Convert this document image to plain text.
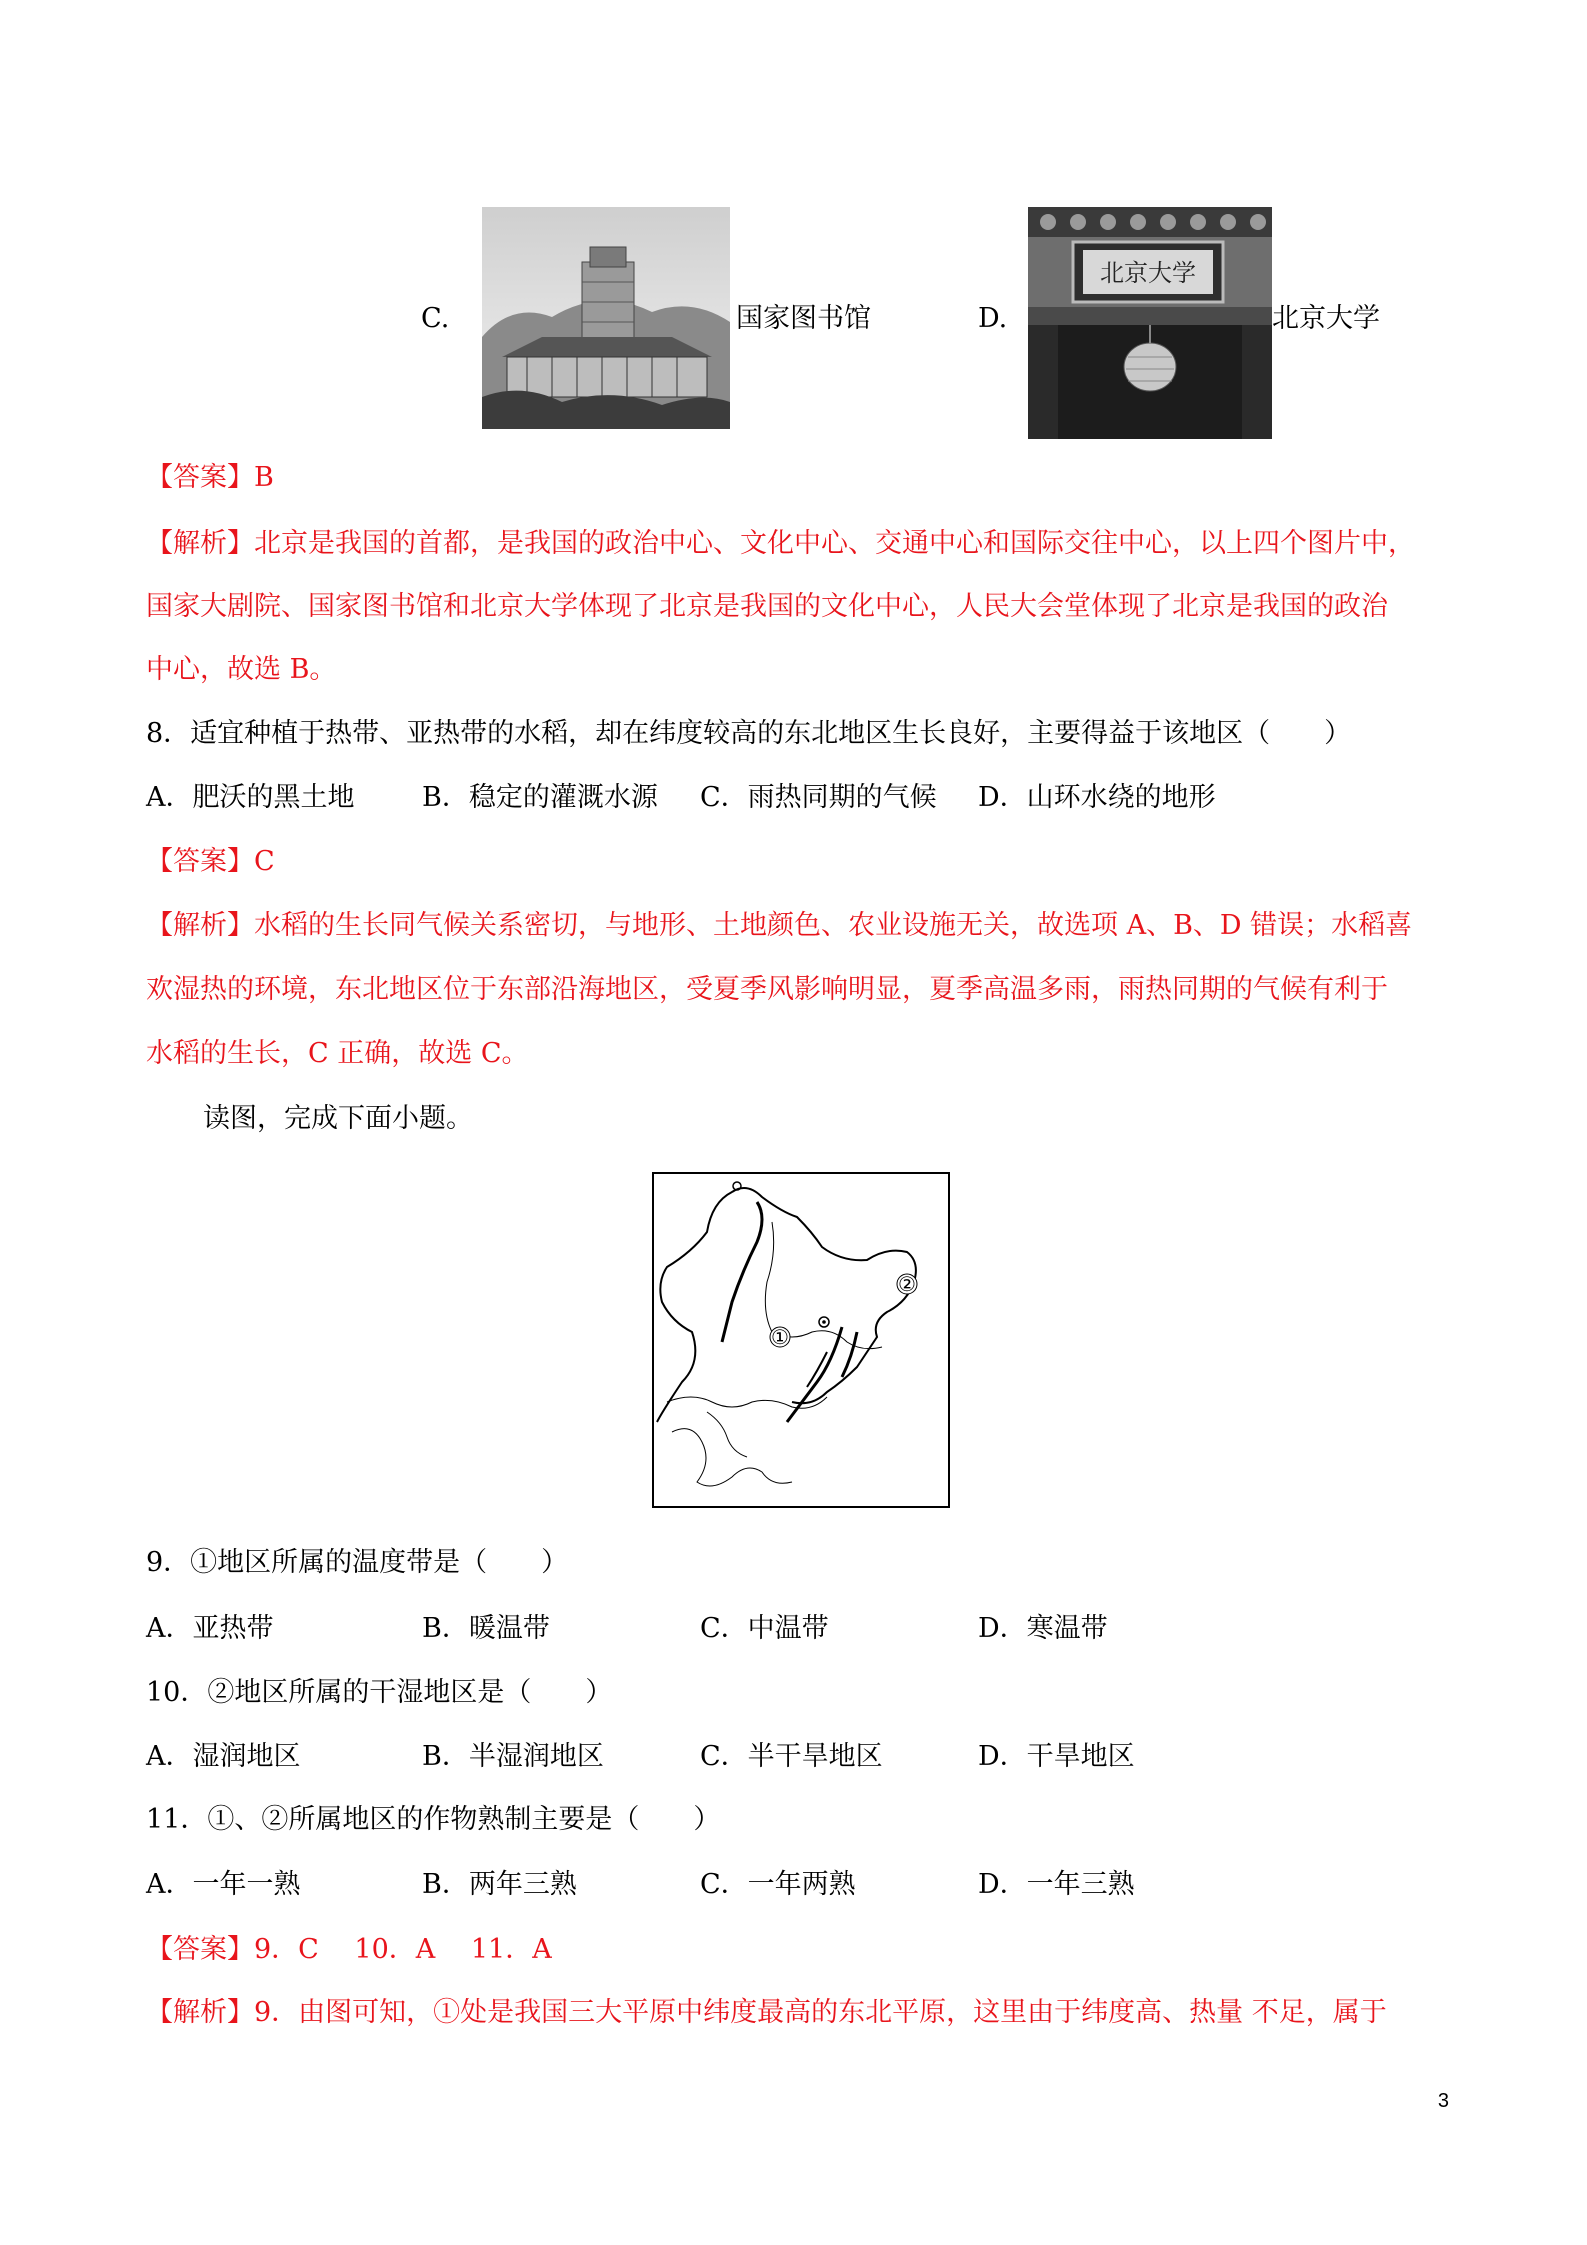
C.	国家图书馆	D.
北京大学
北京大学
【答案】B
【解析】北京是我国的首都，是我国的政治中心、文化中心、交通中心和国际交往中心，以上四个图片中，
国家大剧院、国家图书馆和北京大学体现了北京是我国的文化中心，人民大会堂体现了北京是我国的政治
中心，故选 B。
8．适宜种植于热带、亚热带的水稻，却在纬度较高的东北地区生长良好，主要得益于该地区（　　）
A．肥沃的黑土地	B．稳定的灌溉水源 C．雨热同期的气候 D．山环水绕的地形
【答案】C
【解析】水稻的生长同气候关系密切，与地形、土地颜色、农业设施无关，故选项 A、B、D 错误；水稻喜
欢湿热的环境，东北地区位于东部沿海地区，受夏季风影响明显，夏季高温多雨，雨热同期的气候有利于
水稻的生长，C 正确，故选 C。
读图，完成下面小题。
①
②
9．①地区所属的温度带是（　　）
A．亚热带	B．暖温带	C．中温带	D．寒温带
10．②地区所属的干湿地区是（　　）
A．湿润地区	B．半湿润地区	C．半干旱地区	D．干旱地区
11．①、②所属地区的作物熟制主要是（　　）
A．一年一熟	B．两年三熟	C．一年两熟	D．一年三熟
【答案】9．C　 10．A　 11．A
【解析】9．由图可知，①处是我国三大平原中纬度最高的东北平原，这里由于纬度高、热量 不足，属于
3
